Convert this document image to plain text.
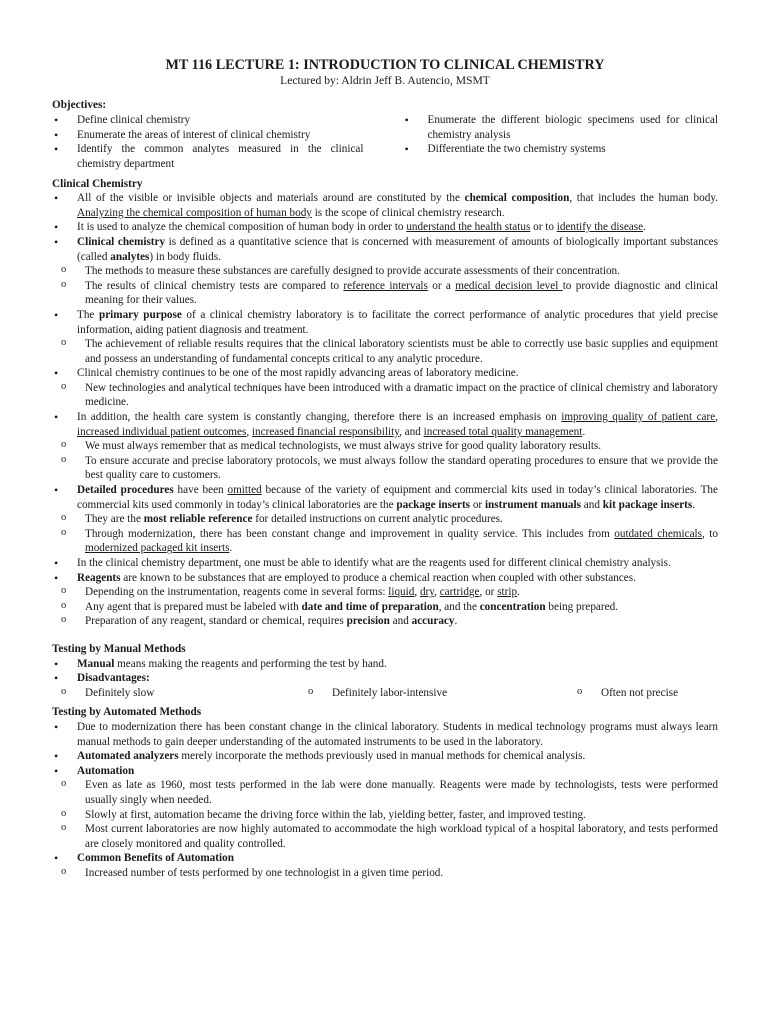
MT 116 LECTURE 1: INTRODUCTION TO CLINICAL CHEMISTRY

Lectured by: Aldrin Jeff B. Autencio, MSMT

Objectives:

• Define clinical chemistry
• Enumerate the areas of interest of clinical chemistry
• Identify the common analytes measured in the clinical chemistry department
• Enumerate the different biologic specimens used for clinical chemistry analysis
• Differentiate the two chemistry systems

Clinical Chemistry

• All of the visible or invisible objects and materials around are constituted by the chemical composition, that includes the human body. Analyzing the chemical composition of human body is the scope of clinical chemistry research.
• It is used to analyze the chemical composition of human body in order to understand the health status or to identify the disease.
• Clinical chemistry is defined as a quantitative science that is concerned with measurement of amounts of biologically important substances (called analytes) in body fluids.
o The methods to measure these substances are carefully designed to provide accurate assessments of their concentration.
o The results of clinical chemistry tests are compared to reference intervals or a medical decision level to provide diagnostic and clinical meaning for their values.
• The primary purpose of a clinical chemistry laboratory is to facilitate the correct performance of analytic procedures that yield precise information, aiding patient diagnosis and treatment.
o The achievement of reliable results requires that the clinical laboratory scientists must be able to correctly use basic supplies and equipment and possess an understanding of fundamental concepts critical to any analytic procedure.
• Clinical chemistry continues to be one of the most rapidly advancing areas of laboratory medicine.
o New technologies and analytical techniques have been introduced with a dramatic impact on the practice of clinical chemistry and laboratory medicine.
• In addition, the health care system is constantly changing, therefore there is an increased emphasis on improving quality of patient care, increased individual patient outcomes, increased financial responsibility, and increased total quality management.
o We must always remember that as medical technologists, we must always strive for good quality laboratory results.
o To ensure accurate and precise laboratory protocols, we must always follow the standard operating procedures to ensure that we provide the best quality care to customers.
• Detailed procedures have been omitted because of the variety of equipment and commercial kits used in today’s clinical laboratories. The commercial kits used commonly in today’s clinical laboratories are the package inserts or instrument manuals and kit package inserts.
o They are the most reliable reference for detailed instructions on current analytic procedures.
o Through modernization, there has been constant change and improvement in quality service. This includes from outdated chemicals, to modernized packaged kit inserts.
• In the clinical chemistry department, one must be able to identify what are the reagents used for different clinical chemistry analysis.
• Reagents are known to be substances that are employed to produce a chemical reaction when coupled with other substances.
o Depending on the instrumentation, reagents come in several forms: liquid, dry, cartridge, or strip.
o Any agent that is prepared must be labeled with date and time of preparation, and the concentration being prepared.
o Preparation of any reagent, standard or chemical, requires precision and accuracy.

Testing by Manual Methods

• Manual means making the reagents and performing the test by hand.
• Disadvantages:
o Definitely slow	o Definitely labor-intensive	o Often not precise

Testing by Automated Methods

• Due to modernization there has been constant change in the clinical laboratory. Students in medical technology programs must always learn manual methods to gain deeper understanding of the automated instruments to be used in the laboratory.
• Automated analyzers merely incorporate the methods previously used in manual methods for chemical analysis.
• Automation
o Even as late as 1960, most tests performed in the lab were done manually. Reagents were made by technologists, tests were performed usually singly when needed.
o Slowly at first, automation became the driving force within the lab, yielding better, faster, and improved testing.
o Most current laboratories are now highly automated to accommodate the high workload typical of a hospital laboratory, and tests performed are closely monitored and quality controlled.
• Common Benefits of Automation
o Increased number of tests performed by one technologist in a given time period.
